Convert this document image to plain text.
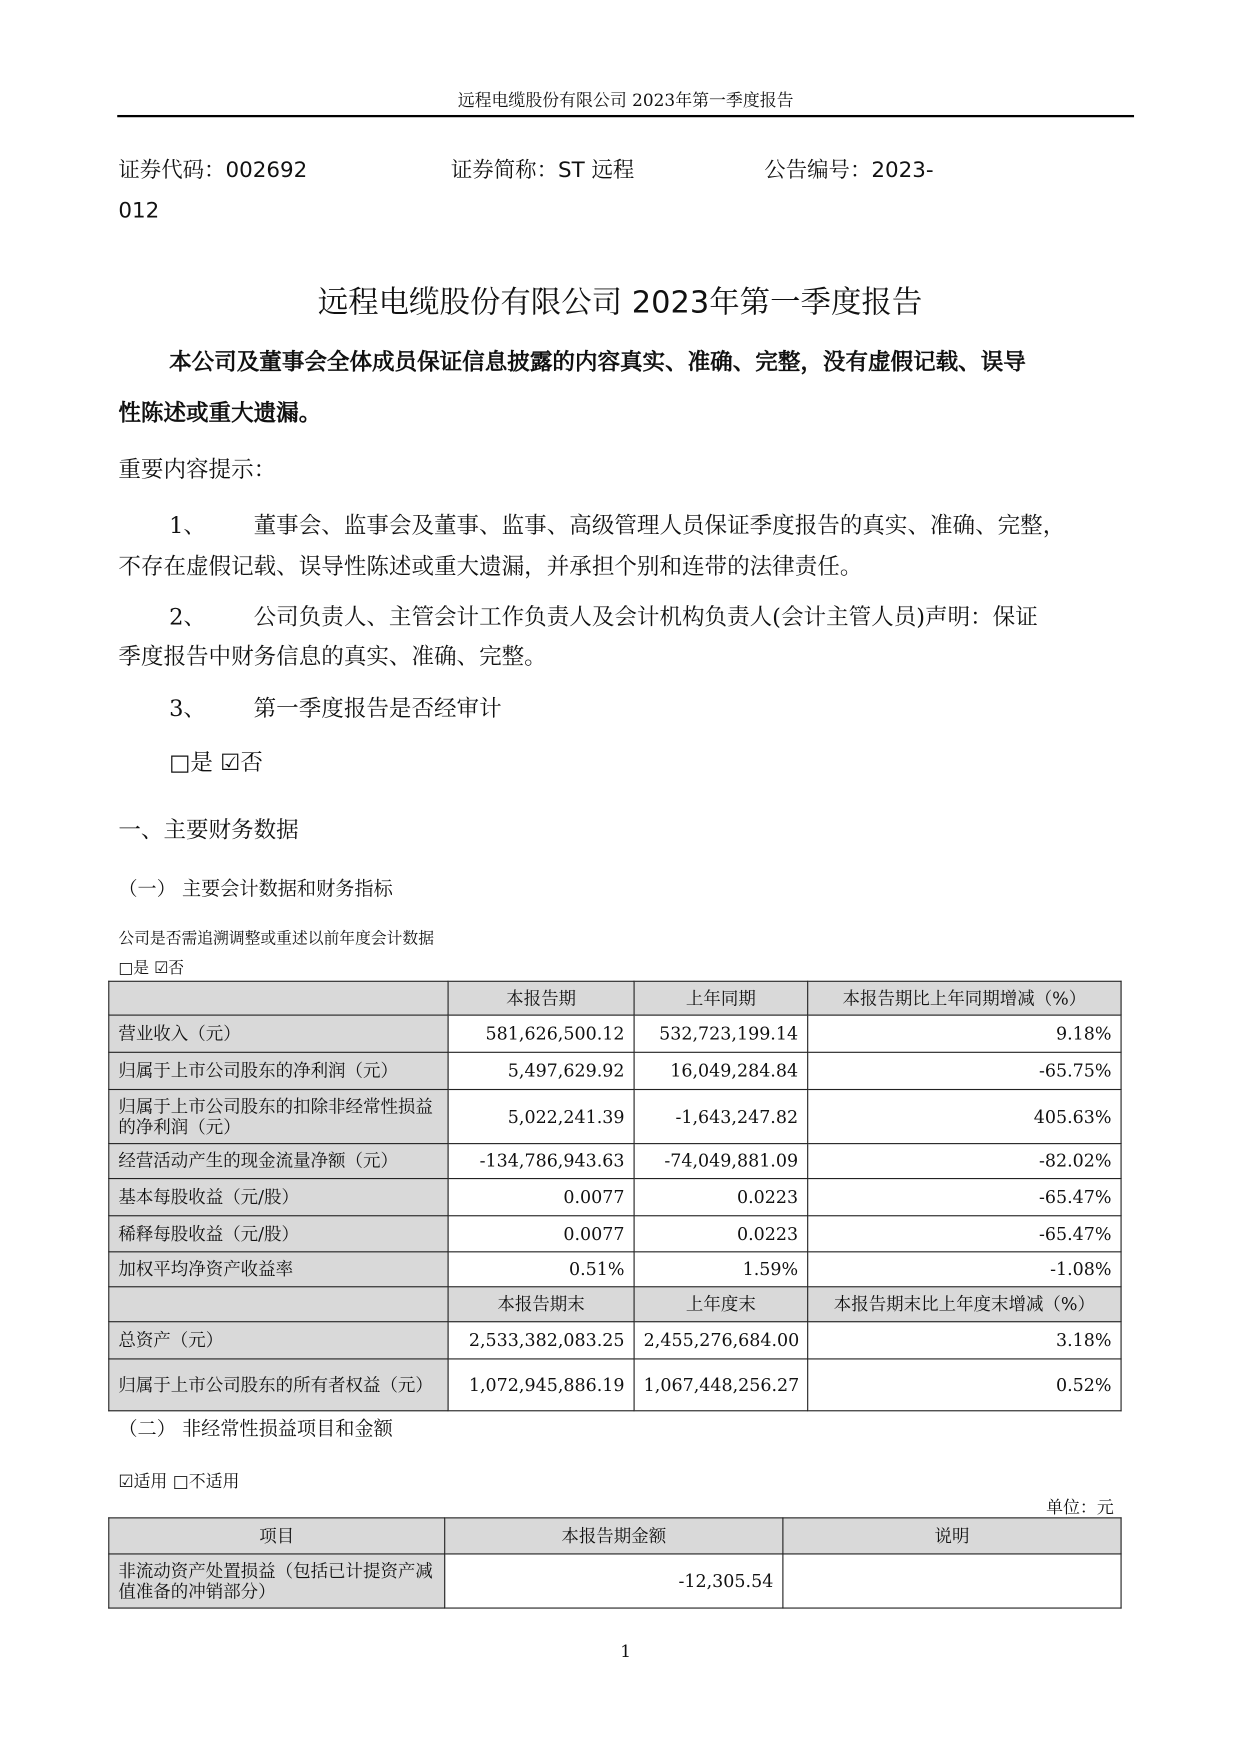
远程电缆股份有限公司 2023年第一季度报告
证券代码：002692	证券简称：ST 远程	公告编号：2023-
012
远程电缆股份有限公司 2023年第一季度报告
本公司及董事会全体成员保证信息披露的内容真实、准确、完整，没有虚假记载、误导
性陈述或重大遗漏。
重要内容提示：
1、 董事会、监事会及董事、监事、高级管理人员保证季度报告的真实、准确、完整，
不存在虚假记载、误导性陈述或重大遗漏，并承担个别和连带的法律责任。
2、 公司负责人、主管会计工作负责人及会计机构负责人(会计主管人员)声明：保证
季度报告中财务信息的真实、准确、完整。
3、 第一季度报告是否经审计
□是 ☑否
一、主要财务数据
（一） 主要会计数据和财务指标
公司是否需追溯调整或重述以前年度会计数据
□是 ☑否
	本报告期	上年同期	本报告期比上年同期增减（%）
营业收入（元）	581,626,500.12	532,723,199.14	9.18%
归属于上市公司股东的净利润（元）	5,497,629.92	16,049,284.84	-65.75%
归属于上市公司股东的扣除非经常性损益的净利润（元）	5,022,241.39	-1,643,247.82	405.63%
经营活动产生的现金流量净额（元）	-134,786,943.63	-74,049,881.09	-82.02%
基本每股收益（元/股）	0.0077	0.0223	-65.47%
稀释每股收益（元/股）	0.0077	0.0223	-65.47%
加权平均净资产收益率	0.51%	1.59%	-1.08%
	本报告期末	上年度末	本报告期末比上年度末增减（%）
总资产（元）	2,533,382,083.25	2,455,276,684.00	3.18%
归属于上市公司股东的所有者权益（元）	1,072,945,886.19	1,067,448,256.27	0.52%
（二） 非经常性损益项目和金额
☑适用 □不适用
单位：元
项目	本报告期金额	说明
非流动资产处置损益（包括已计提资产减值准备的冲销部分）	-12,305.54	
1
